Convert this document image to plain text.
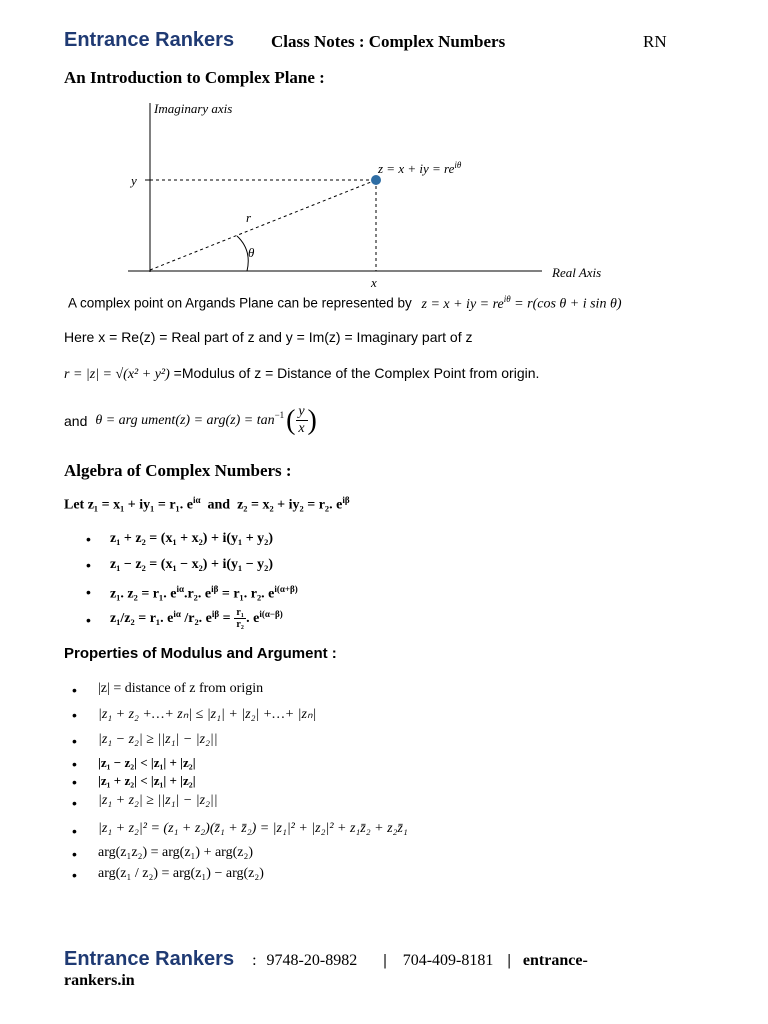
Entrance Rankers Class Notes : Complex Numbers	RN
An Introduction to Complex Plane :
Imaginary axis
Real Axis
y
x
r
θ
z = x + iy = $re^{i\theta}$
A complex point on Argands Plane can be represented by z = x + iy = $re^{i\theta} = r(\cos$ θ + i sin θ)
Here x = Re(z) = Real part of z and y = Im(z) = Imaginary part of z
r = |z| = √(x² + y²) =Modulus of z = Distance of the Complex Point from origin.
and θ = arg ument(z) = $arg(z) = \tan^{-1}$ ( y
x )
Algebra of Complex Numbers :
Let z₁ = x₁ + iy₁ = r₁. $e^{i\alpha}$  and  z₂ = x₂ + iy₂ = r₂. $e^{i\beta}$
• z₁ + z₂ = (x₁ + x₂) + i(y₁ + y₂)
• z₁ − z₂ = (x₁ − x₂) + i(y₁ − y₂)
• z₁. z₂ = r₁. $e^{i\alpha}.r_2$. $e^{i\beta} = r_1$. r₂. $e^{i(\alpha+\beta)}$
• z₁/z₂ = r₁. $e^{i\alpha}$ /r₂. $e^{i\beta} = r_1$
r₂ . $e^{i(\alpha-\beta)}$
Properties of Modulus and Argument :
• |z| = distance of z from origin
• |z₁ + z₂ +…+ zₙ| ≤ |z₁| + |z₂| +…+ |zₙ|
• |z₁ − z₂| ≥ ||z₁| − |z₂||
• |z₁ − z₂| < |z₁| + |z₂|
• |z₁ + z₂| < |z₁| + |z₂|
• |z₁ + z₂| ≥ ||z₁| − |z₂||
• |z₁ + z₂|² = (z₁ + z₂)(z̄₁ + z̄₂) = |z₁|² + |z₂|² + z₁z̄₂ + z₂z̄₁
• arg(z₁z₂) = arg(z₁) + arg(z₂)
• arg(z₁ / z₂) = arg(z₁) − arg(z₂)
Entrance Rankers : 9748-20-8982 | 704-409-8181 | entrance-
rankers.in
